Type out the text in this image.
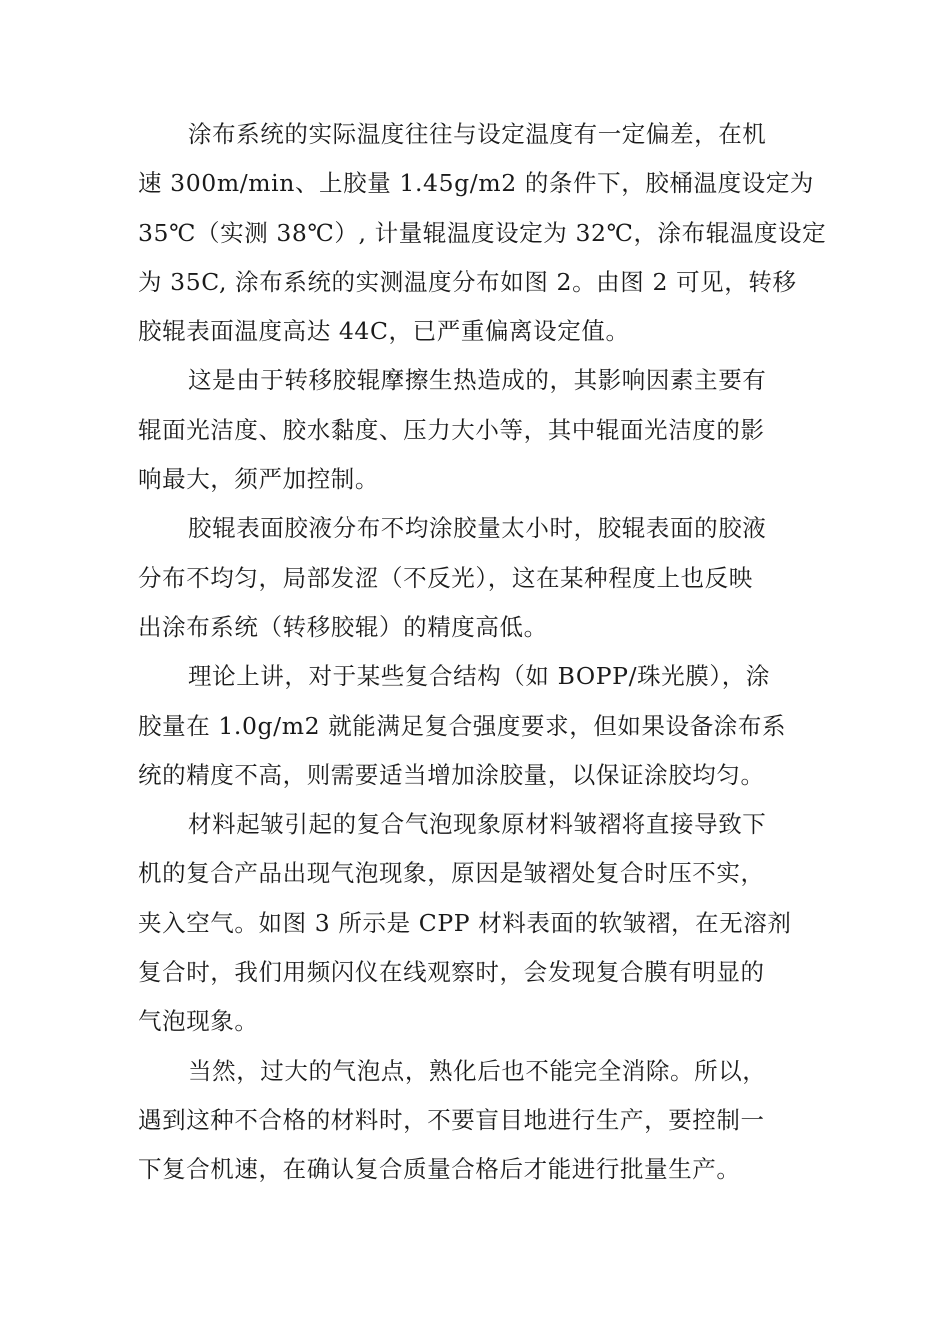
涂布系统的实际温度往往与设定温度有一定偏差，在机
速 300m/min、上胶量 1.45g/m2 的条件下，胶桶温度设定为
35℃（实测 38℃）, 计量辊温度设定为 32℃，涂布辊温度设定
为 35C, 涂布系统的实测温度分布如图 2。由图 2 可见，转移
胶辊表面温度高达 44C，已严重偏离设定值。
这是由于转移胶辊摩擦生热造成的，其影响因素主要有
辊面光洁度、胶水黏度、压力大小等，其中辊面光洁度的影
响最大，须严加控制。
胶辊表面胶液分布不均涂胶量太小时，胶辊表面的胶液
分布不均匀，局部发涩（不反光），这在某种程度上也反映
出涂布系统（转移胶辊）的精度高低。
理论上讲，对于某些复合结构（如 BOPP/珠光膜），涂
胶量在 1.0g/m2 就能满足复合强度要求，但如果设备涂布系
统的精度不高，则需要适当增加涂胶量，以保证涂胶均匀。
材料起皱引起的复合气泡现象原材料皱褶将直接导致下
机的复合产品出现气泡现象，原因是皱褶处复合时压不实，
夹入空气。如图 3 所示是 CPP 材料表面的软皱褶，在无溶剂
复合时，我们用频闪仪在线观察时，会发现复合膜有明显的
气泡现象。
当然，过大的气泡点，熟化后也不能完全消除。所以，
遇到这种不合格的材料时，不要盲目地进行生产，要控制一
下复合机速，在确认复合质量合格后才能进行批量生产。
